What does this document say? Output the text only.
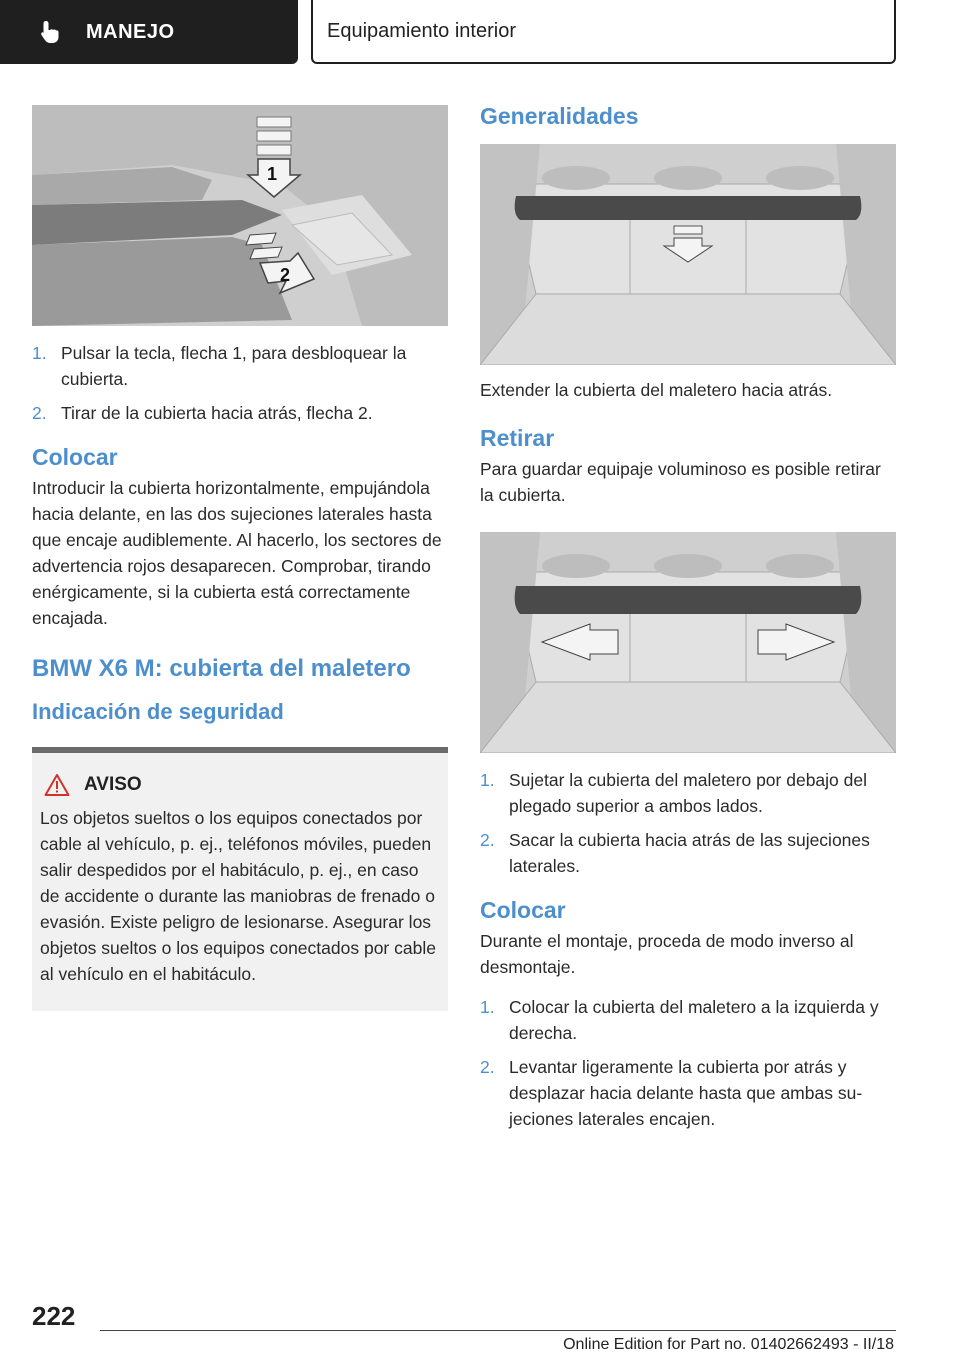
MANEJO	Equipamiento interior
1
2
1. Pulsar la tecla, flecha 1, para desbloquear la cubierta.
2. Tirar de la cubierta hacia atrás, flecha 2.
Colocar

Introducir la cubierta horizontalmente, empujándola hacia delante, en las dos sujeciones laterales hasta que encaje audiblemente. Al hacerlo, los sectores de advertencia rojos desaparecen. Comprobar, tirando enérgicamente, si la cubierta está correctamente encajada.

BMW X6 M: cubierta del maletero
Indicación de seguridad
AVISO

Los objetos sueltos o los equipos conectados por cable al vehículo, p. ej., teléfonos móviles, pueden salir despedidos por el habitáculo, p. ej., en caso de accidente o durante las maniobras de frenado o evasión. Existe peligro de lesionarse. Asegurar los objetos sueltos o los equipos conectados por cable al vehículo en el habitáculo.

Generalidades

Extender la cubierta del maletero hacia atrás.

Retirar

Para guardar equipaje voluminoso es posible retirar la cubierta.

1. Sujetar la cubierta del maletero por debajo del plegado superior a ambos lados.
2. Sacar la cubierta hacia atrás de las sujeciones laterales.
Colocar

Durante el montaje, proceda de modo inverso al desmontaje.

1. Colocar la cubierta del maletero a la izquierda y derecha.
2. Levantar ligeramente la cubierta por atrás y desplazar hacia delante hasta que ambas sujeciones laterales encajen.
222
Online Edition for Part no. 01402662493 - II/18
